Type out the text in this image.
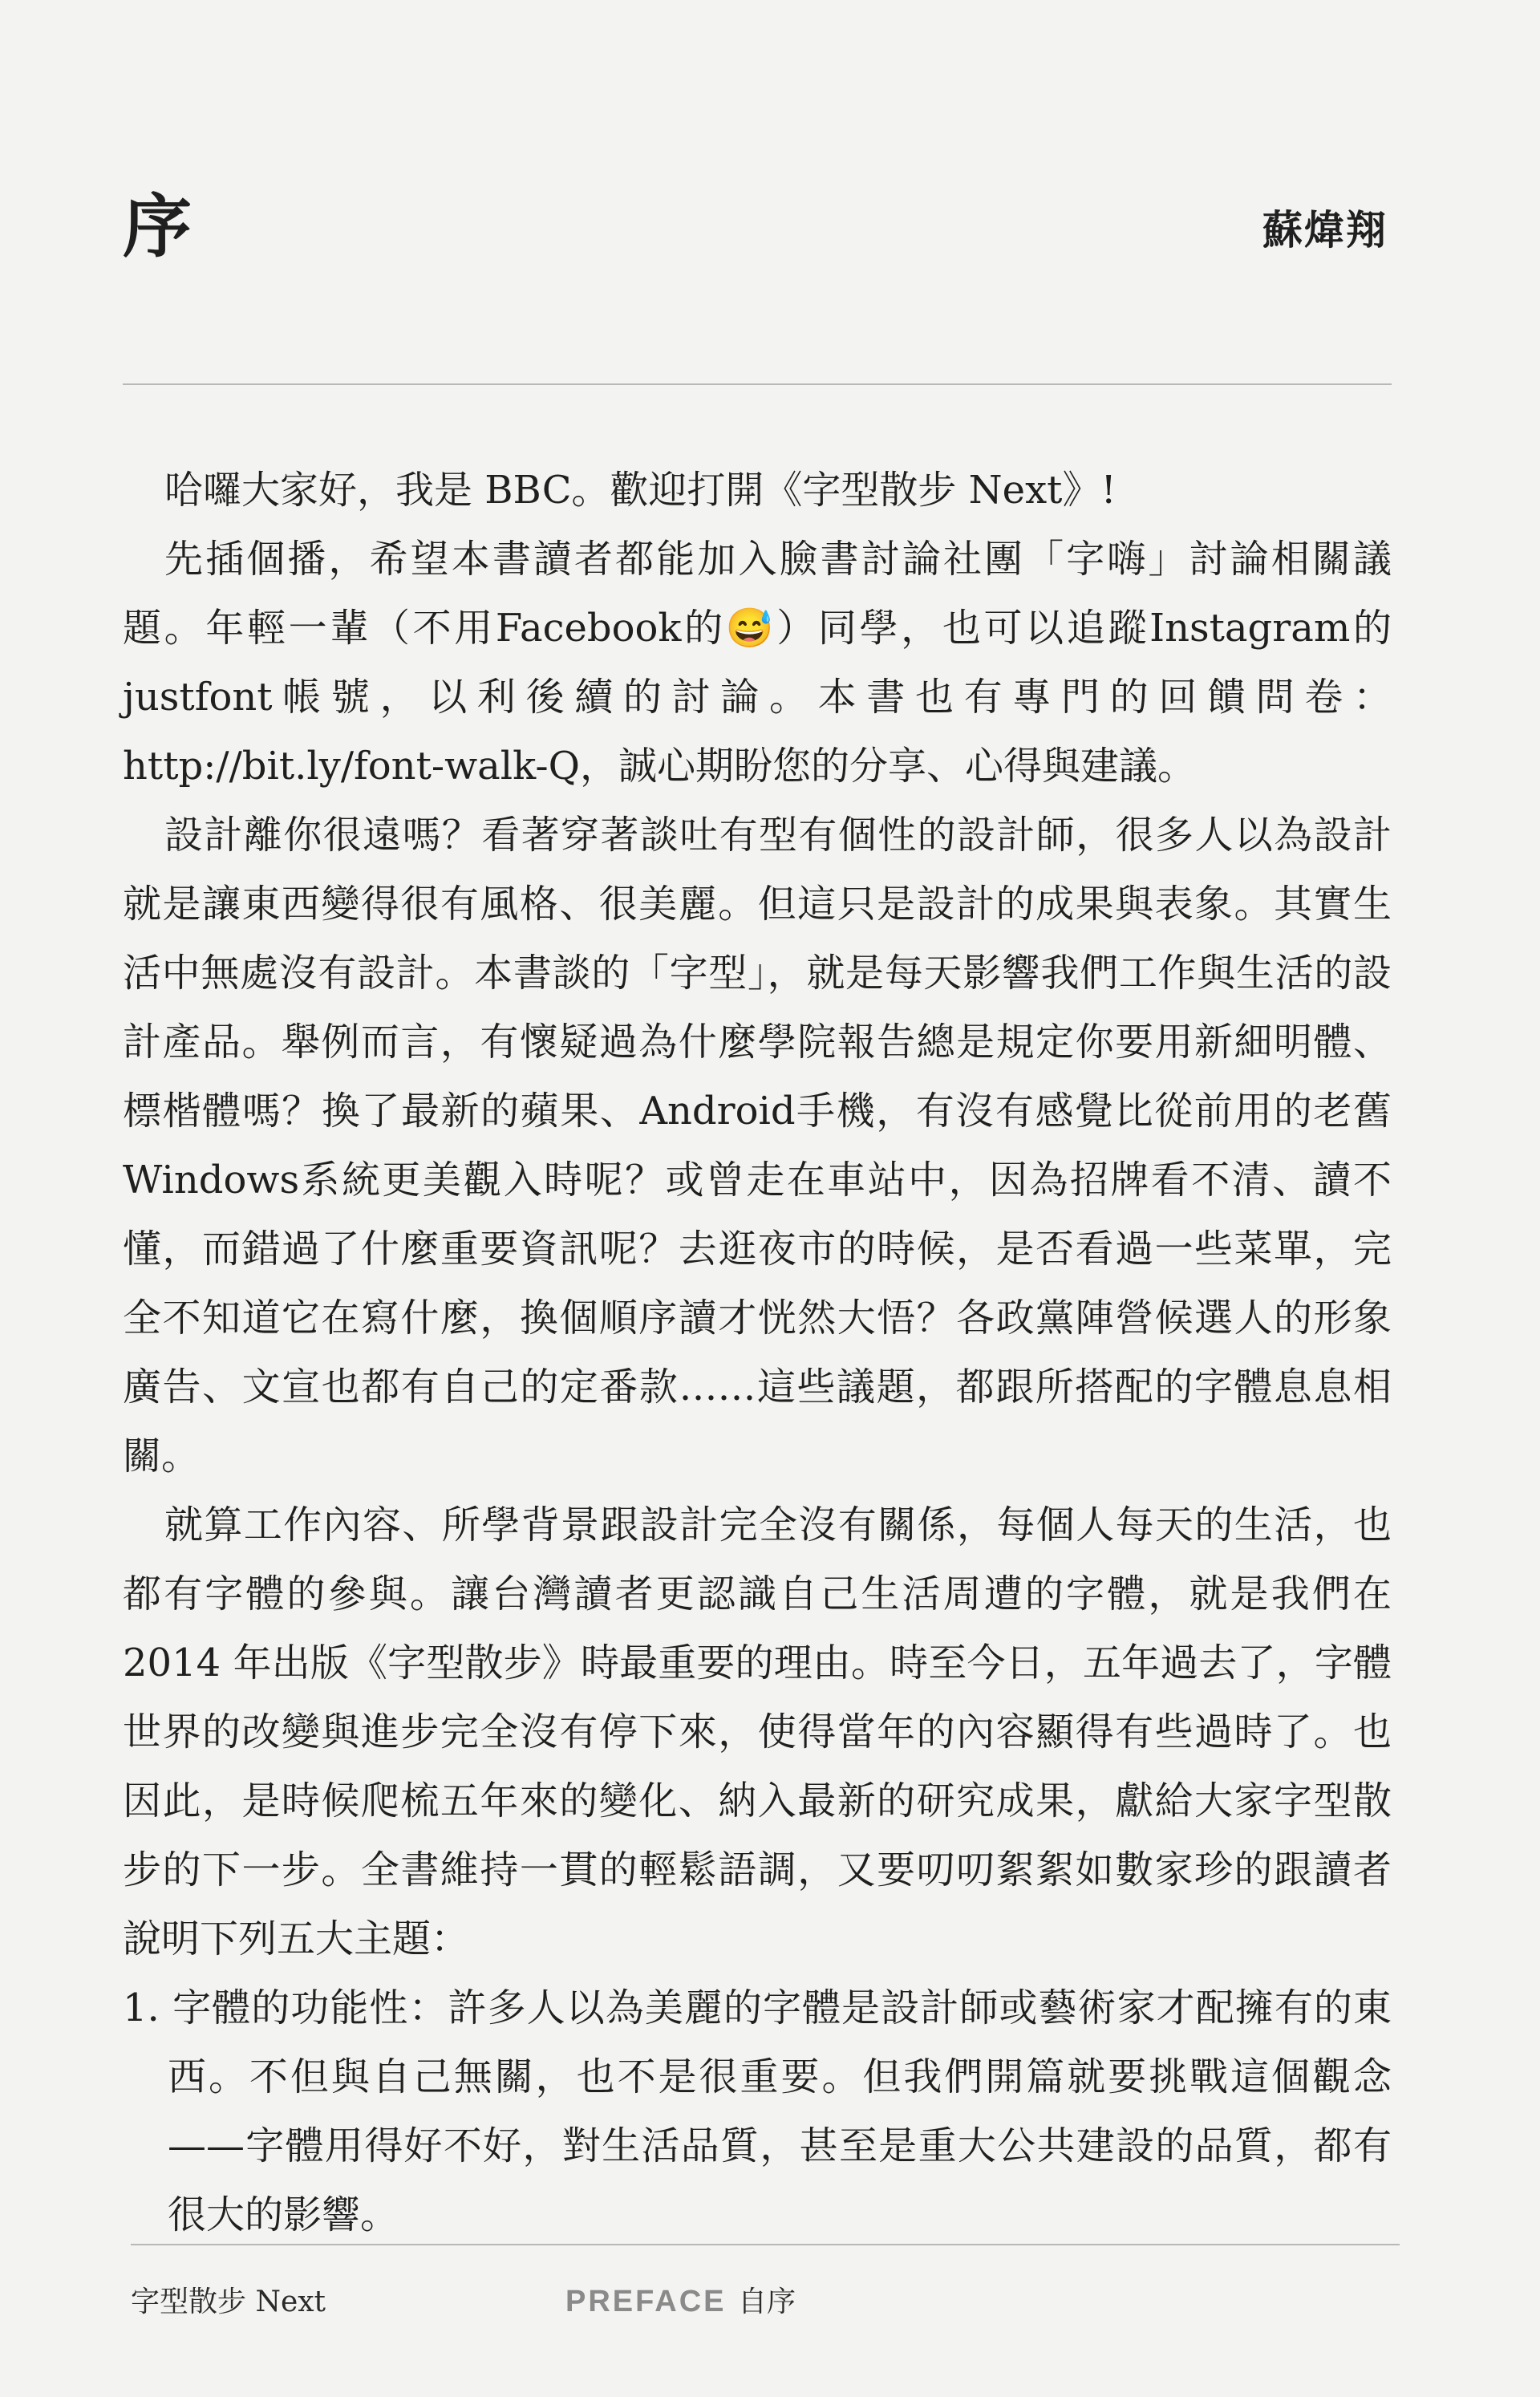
序	蘇煒翔

哈囉大家好，我是 BBC。歡迎打開《字型散步 Next》!

先插個播，希望本書讀者都能加入臉書討論社團「字嗨」討論相關議題。年輕一輩（不用Facebook的😅）同學，也可以追蹤Instagram的justfont帳號，以利後續的討論。本書也有專門的回饋問卷：http://bit.ly/font-walk-Q，誠心期盼您的分享、心得與建議。

設計離你很遠嗎？看著穿著談吐有型有個性的設計師，很多人以為設計就是讓東西變得很有風格、很美麗。但這只是設計的成果與表象。其實生活中無處沒有設計。本書談的「字型」，就是每天影響我們工作與生活的設計產品。舉例而言，有懷疑過為什麼學院報告總是規定你要用新細明體、標楷體嗎？換了最新的蘋果、Android手機，有沒有感覺比從前用的老舊Windows系統更美觀入時呢？或曾走在車站中，因為招牌看不清、讀不懂，而錯過了什麼重要資訊呢？去逛夜市的時候，是否看過一些菜單，完全不知道它在寫什麼，換個順序讀才恍然大悟？各政黨陣營候選人的形象廣告、文宣也都有自己的定番款……這些議題，都跟所搭配的字體息息相關。

就算工作內容、所學背景跟設計完全沒有關係，每個人每天的生活，也都有字體的參與。讓台灣讀者更認識自己生活周遭的字體，就是我們在 2014 年出版《字型散步》時最重要的理由。時至今日，五年過去了，字體世界的改變與進步完全沒有停下來，使得當年的內容顯得有些過時了。也因此，是時候爬梳五年來的變化、納入最新的研究成果，獻給大家字型散步的下一步。全書維持一貫的輕鬆語調，又要叨叨絮絮如數家珍的跟讀者說明下列五大主題：

1. 字體的功能性：許多人以為美麗的字體是設計師或藝術家才配擁有的東西。不但與自己無關，也不是很重要。但我們開篇就要挑戰這個觀念——字體用得好不好，對生活品質，甚至是重大公共建設的品質，都有很大的影響。
字型散步 Next	PREFACE 自序
